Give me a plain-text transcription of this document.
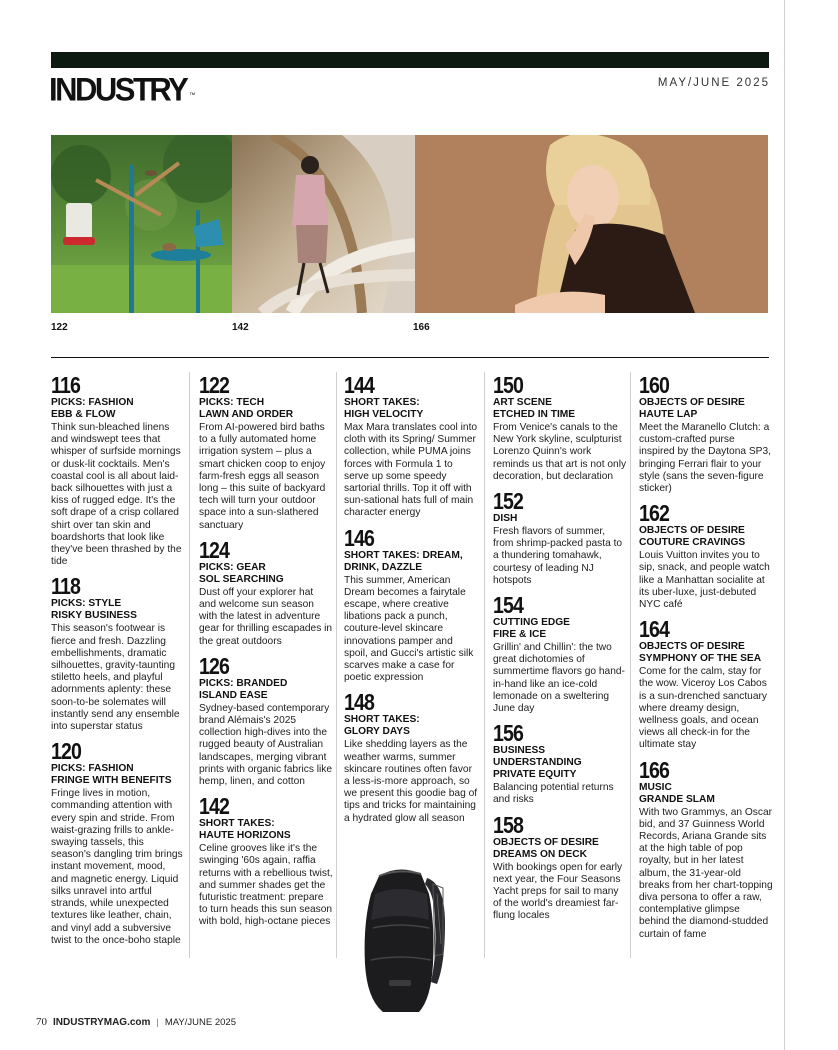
INDUSTRY ™
MAY/JUNE 2025
122	142	166
116
PICKS: FASHION
EBB & FLOW
Think sun-bleached linens and windswept tees that whisper of surfside mornings or dusk-lit cocktails. Men's coastal cool is all about laid-back silhouettes with just a kiss of rugged edge. It's the soft drape of a crisp collared shirt over tan skin and boardshorts that look like they've been thrashed by the tide
118
PICKS: STYLE
RISKY BUSINESS
This season's footwear is fierce and fresh. Dazzling embellishments, dramatic silhouettes, gravity-taunting stiletto heels, and playful adornments aplenty: these soon-to-be solemates will instantly send any ensemble into superstar status
120
PICKS: FASHION
FRINGE WITH BENEFITS
Fringe lives in motion, commanding attention with every spin and stride. From waist-grazing frills to ankle-swaying tassels, this season's dangling trim brings instant movement, mood, and magnetic energy. Liquid silks unravel into artful strands, while unexpected textures like leather, chain, and vinyl add a subversive twist to the once-boho staple
122
PICKS: TECH
LAWN AND ORDER
From AI-powered bird baths to a fully automated home irrigation system – plus a smart chicken coop to enjoy farm-fresh eggs all season long – this suite of backyard tech will turn your outdoor space into a sun-slathered sanctuary
124
PICKS: GEAR
SOL SEARCHING
Dust off your explorer hat and welcome sun season with the latest in adventure gear for thrilling escapades in the great outdoors
126
PICKS: BRANDED
ISLAND EASE
Sydney-based contemporary brand Alémais's 2025 collection high-dives into the rugged beauty of Australian landscapes, merging vibrant prints with organic fabrics like hemp, linen, and cotton
142
SHORT TAKES:
HAUTE HORIZONS
Celine grooves like it's the swinging '60s again, raffia returns with a rebellious twist, and summer shades get the futuristic treatment: prepare to turn heads this sun season with bold, high-octane pieces
144
SHORT TAKES:
HIGH VELOCITY
Max Mara translates cool into cloth with its Spring/ Summer collection, while PUMA joins forces with Formula 1 to serve up some speedy sartorial thrills. Top it off with sun-sational hats full of main character energy
146
SHORT TAKES: DREAM,
DRINK, DAZZLE
This summer, American Dream becomes a fairytale escape, where creative libations pack a punch, couture-level skincare innovations pamper and spoil, and Gucci's artistic silk scarves make a case for poetic expression
148
SHORT TAKES:
GLORY DAYS
Like shedding layers as the weather warms, summer skincare routines often favor a less-is-more approach, so we present this goodie bag of tips and tricks for maintaining a hydrated glow all season
150
ART SCENE
ETCHED IN TIME
From Venice's canals to the New York skyline, sculpturist Lorenzo Quinn's work reminds us that art is not only decoration, but declaration
152
DISH
Fresh flavors of summer, from shrimp-packed pasta to a thundering tomahawk, courtesy of leading NJ hotspots
154
CUTTING EDGE
FIRE & ICE
Grillin' and Chillin': the two great dichotomies of summertime flavors go hand-in-hand like an ice-cold lemonade on a sweltering June day
156
BUSINESS
UNDERSTANDING PRIVATE EQUITY
Balancing potential returns and risks
158
OBJECTS OF DESIRE
DREAMS ON DECK
With bookings open for early next year, the Four Seasons Yacht preps for sail to many of the world's dreamiest far-flung locales
160
OBJECTS OF DESIRE
HAUTE LAP
Meet the Maranello Clutch: a custom-crafted purse inspired by the Daytona SP3, bringing Ferrari flair to your style (sans the seven-figure sticker)
162
OBJECTS OF DESIRE
COUTURE CRAVINGS
Louis Vuitton invites you to sip, snack, and people watch like a Manhattan socialite at its uber-luxe, just-debuted NYC café
164
OBJECTS OF DESIRE
SYMPHONY OF THE SEA
Come for the calm, stay for the wow. Viceroy Los Cabos is a sun-drenched sanctuary where dreamy design, wellness goals, and ocean views all check-in for the ultimate stay
166
MUSIC
GRANDE SLAM
With two Grammys, an Oscar bid, and 37 Guinness World Records, Ariana Grande sits at the high table of pop royalty, but in her latest album, the 31-year-old breaks from her chart-topping diva persona to offer a raw, contemplative glimpse behind the diamond-studded curtain of fame
70 INDUSTRYMAG.com | MAY/JUNE 2025
